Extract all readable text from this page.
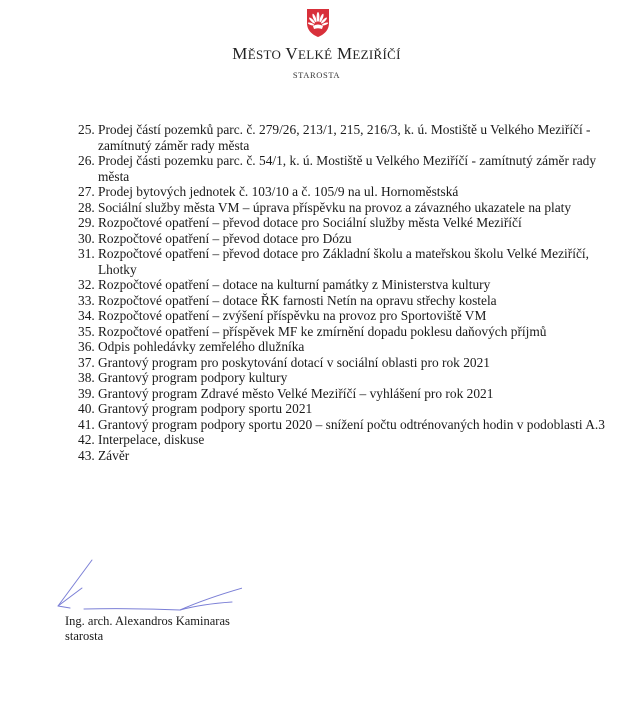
MĚSTO VELKÉ MEZIŘÍČÍ
STAROSTA
25. Prodej částí pozemků parc. č. 279/26, 213/1, 215, 216/3, k. ú. Mostiště u Velkého Meziříčí - zamítnutý záměr rady města
26. Prodej části pozemku parc. č. 54/1, k. ú. Mostiště u Velkého Meziříčí - zamítnutý záměr rady města
27. Prodej bytových jednotek č. 103/10 a č. 105/9 na ul. Hornoměstská
28. Sociální služby města VM – úprava příspěvku na provoz a závazného ukazatele na platy
29. Rozpočtové opatření – převod dotace pro Sociální služby města Velké Meziříčí
30. Rozpočtové opatření – převod dotace pro Dózu
31. Rozpočtové opatření – převod dotace pro Základní školu a mateřskou školu Velké Meziříčí, Lhotky
32. Rozpočtové opatření – dotace na kulturní památky z Ministerstva kultury
33. Rozpočtové opatření – dotace ŘK farnosti Netín na opravu střechy kostela
34. Rozpočtové opatření – zvýšení příspěvku na provoz pro Sportoviště VM
35. Rozpočtové opatření – příspěvek MF ke zmírnění dopadu poklesu daňových příjmů
36. Odpis pohledávky zemřelého dlužníka
37. Grantový program pro poskytování dotací v sociální oblasti pro rok 2021
38. Grantový program podpory kultury
39. Grantový program Zdravé město Velké Meziříčí – vyhlášení pro rok 2021
40. Grantový program podpory sportu 2021
41. Grantový program podpory sportu 2020 – snížení počtu odtrénovaných hodin v podoblasti A.3
42. Interpelace, diskuse
43. Závěr
Ing. arch. Alexandros Kaminaras
starosta
